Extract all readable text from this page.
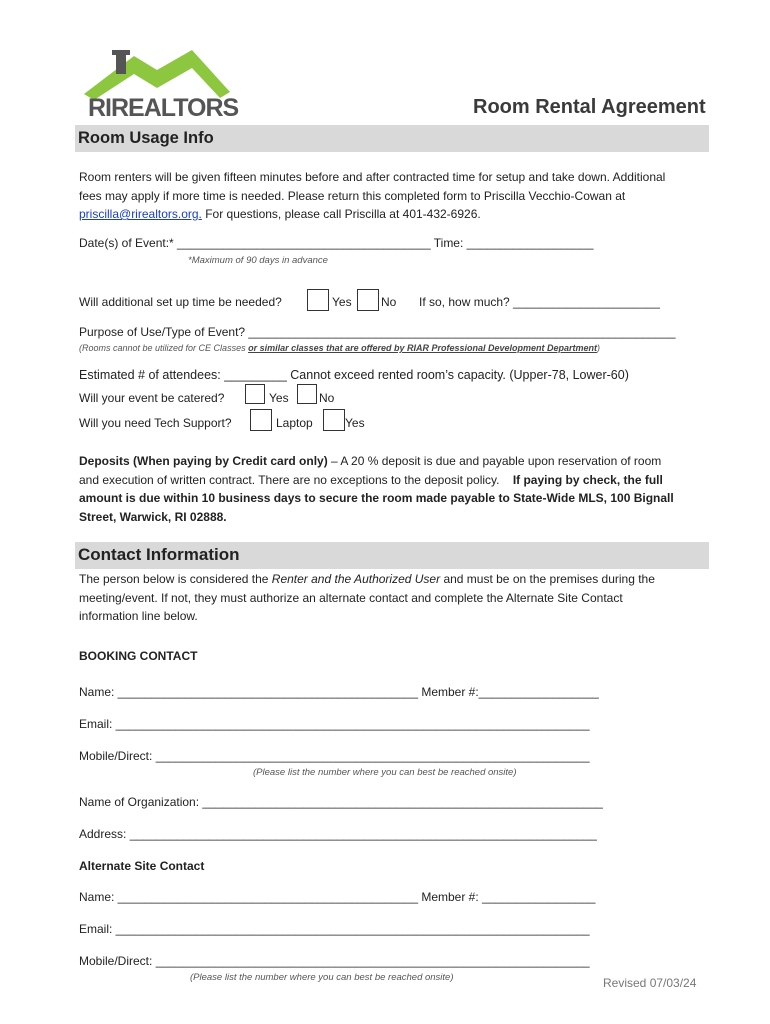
RIREALTORS	Room Rental Agreement
Room Usage Info
Room renters will be given fifteen minutes before and after contracted time for setup and take down. Additional
fees may apply if more time is needed. Please return this completed form to Priscilla Vecchio-Cowan at
priscilla@rirealtors.org. For questions, please call Priscilla at 401-432-6926.
Date(s) of Event:* ______________________________________ Time: ___________________
*Maximum of 90 days in advance
Will additional set up time be needed?	Yes No If so, how much? ______________________
Purpose of Use/Type of Event? ________________________________________________________________
(Rooms cannot be utilized for CE Classes or similar classes that are offered by RIAR Professional Development Department)
Estimated # of attendees: _________ Cannot exceed rented room’s capacity. (Upper-78, Lower-60)
Will your event be catered?	Yes	No
Will you need Tech Support?	Laptop	Yes
Deposits (When paying by Credit card only) – A 20 % deposit is due and payable upon reservation of room
and execution of written contract. There are no exceptions to the deposit policy. If paying by check, the full
amount is due within 10 business days to secure the room made payable to State-Wide MLS, 100 Bignall
Street, Warwick, RI 02888.
Contact Information
The person below is considered the Renter and the Authorized User and must be on the premises during the
meeting/event. If not, they must authorize an alternate contact and complete the Alternate Site Contact
information line below.
BOOKING CONTACT
Name: _____________________________________________ Member #:__________________
Email: _______________________________________________________________________
Mobile/Direct: _________________________________________________________________
(Please list the number where you can best be reached onsite)
Name of Organization: ____________________________________________________________
Address: ______________________________________________________________________
Alternate Site Contact
Name: _____________________________________________ Member #: _________________
Email: _______________________________________________________________________
Mobile/Direct: _________________________________________________________________
(Please list the number where you can best be reached onsite)	Revised 07/03/24
